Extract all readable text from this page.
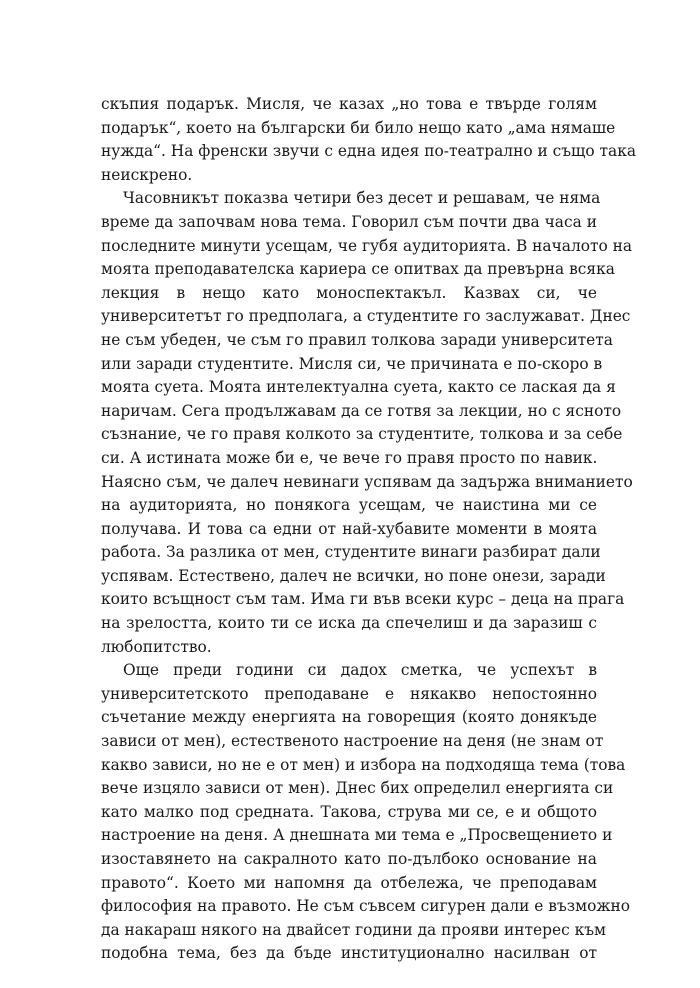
скъпия подарък. Мисля, че казах „но това е твърде голям
подарък“, което на български би било нещо като „ама нямаше
нужда“. На френски звучи с една идея по-театрално и също така
неискрено.
Часовникът показва четири без десет и решавам, че няма
време да започвам нова тема. Говорил съм почти два часа и
последните минути усещам, че губя аудиторията. В началото на
моята преподавателска кариера се опитвах да превърна всяка
лекция в нещо като моноспектакъл. Казвах си, че
университетът го предполага, а студентите го заслужават. Днес
не съм убеден, че съм го правил толкова заради университета
или заради студентите. Мисля си, че причината е по-скоро в
моята суета. Моята интелектуална суета, както се лаская да я
наричам. Сега продължавам да се готвя за лекции, но с ясното
съзнание, че го правя колкото за студентите, толкова и за себе
си. А истината може би е, че вече го правя просто по навик.
Наясно съм, че далеч невинаги успявам да задържа вниманието
на аудиторията, но понякога усещам, че наистина ми се
получава. И това са едни от най-хубавите моменти в моята
работа. За разлика от мен, студентите винаги разбират дали
успявам. Естествено, далеч не всички, но поне онези, заради
които всъщност съм там. Има ги във всеки курс – деца на прага
на зрелостта, които ти се иска да спечелиш и да заразиш с
любопитство.
Още преди години си дадох сметка, че успехът в
университетското преподаване е някакво непостоянно
съчетание между енергията на говорещия (която донякъде
зависи от мен), естественото настроение на деня (не знам от
какво зависи, но не е от мен) и избора на подходяща тема (това
вече изцяло зависи от мен). Днес бих определил енергията си
като малко под средната. Такова, струва ми се, е и общото
настроение на деня. А днешната ми тема е „Просвещението и
изоставянето на сакралното като по-дълбоко основание на
правото“. Което ми напомня да отбележа, че преподавам
философия на правото. Не съм съвсем сигурен дали е възможно
да накараш някого на двайсет години да прояви интерес към
подобна тема, без да бъде институционално насилван от
